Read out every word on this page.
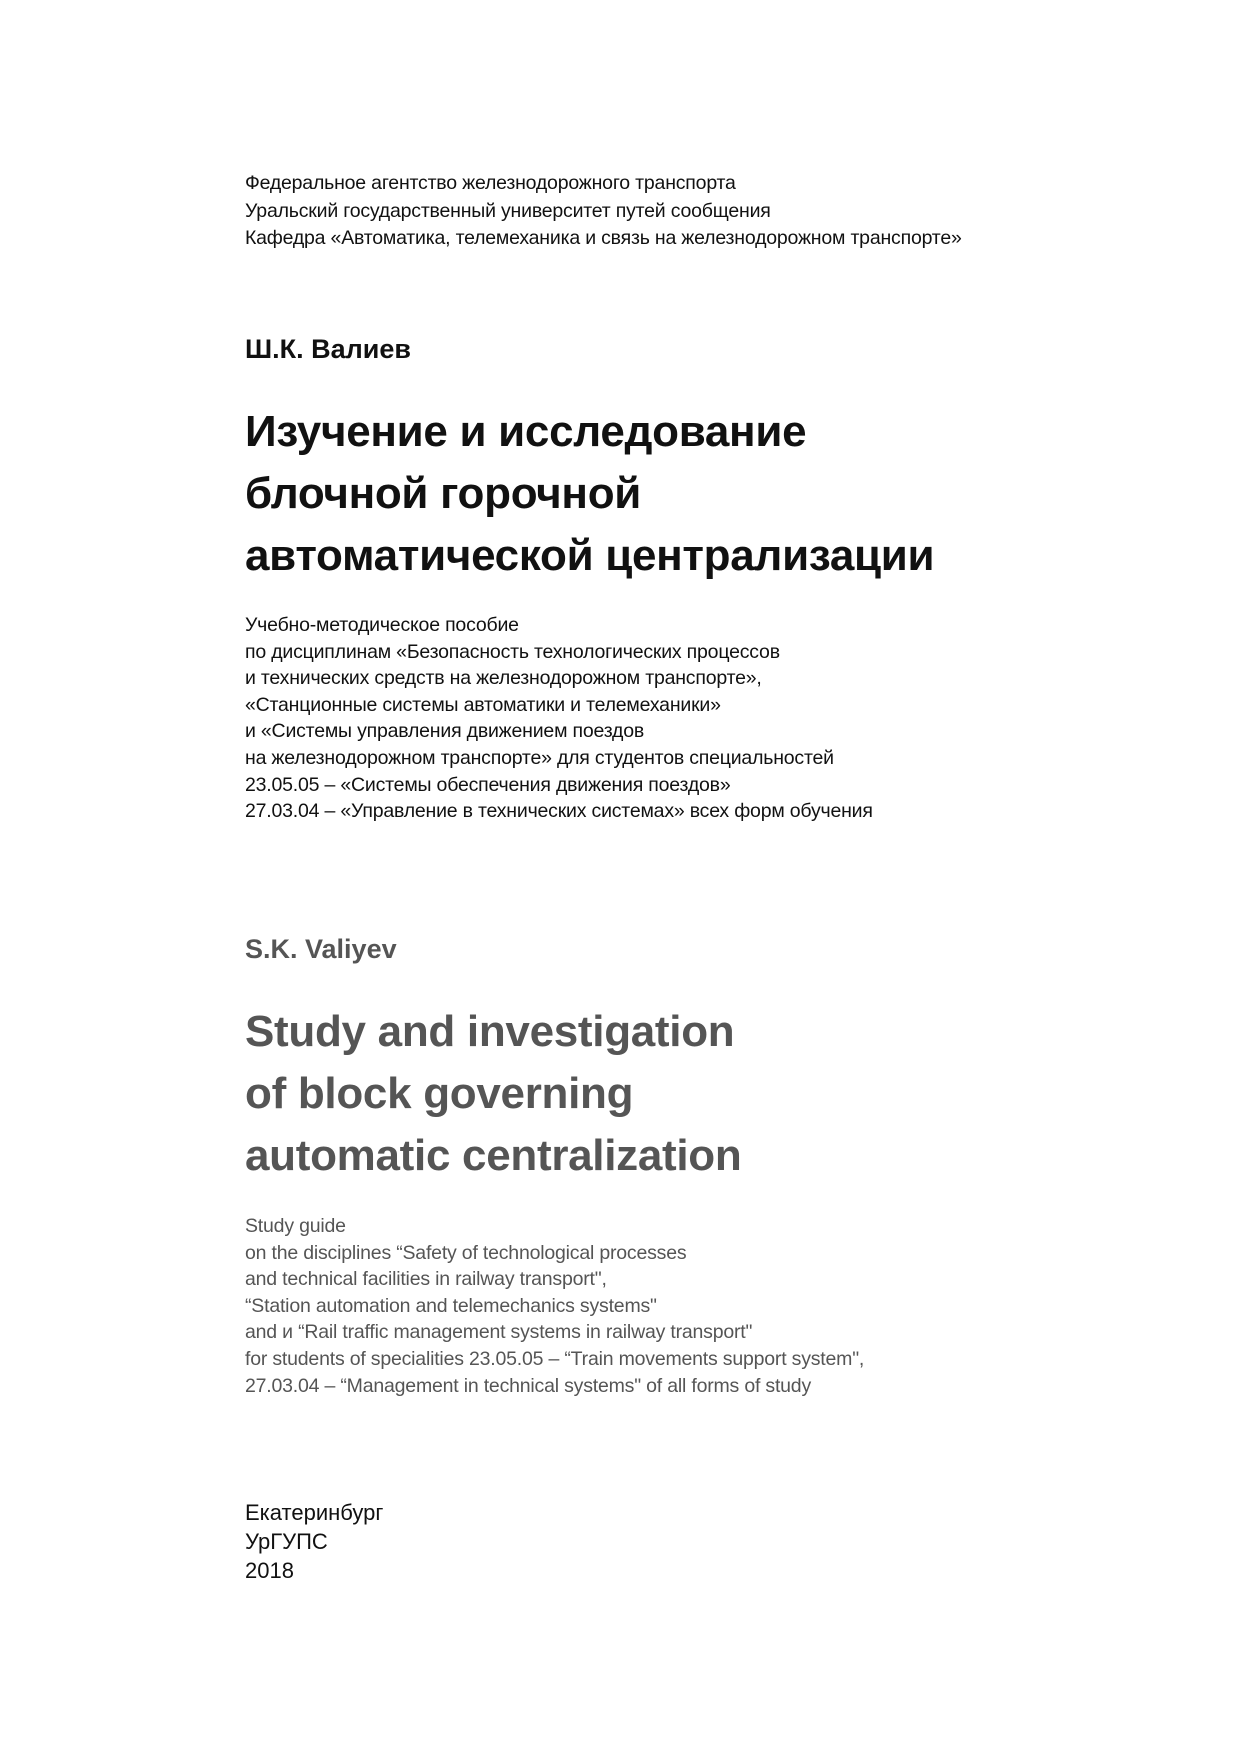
Федеральное агентство железнодорожного транспорта
Уральский государственный университет путей сообщения
Кафедра «Автоматика, телемеханика и связь на железнодорожном транспорте»
Ш.К. Валиев
Изучение и исследование
блочной горочной
автоматической централизации
Учебно-методическое пособие
по дисциплинам «Безопасность технологических процессов
и технических средств на железнодорожном транспорте»,
«Станционные системы автоматики и телемеханики»
и «Системы управления движением поездов
на железнодорожном транспорте» для студентов специальностей
23.05.05 – «Системы обеспечения движения поездов»
27.03.04 – «Управление в технических системах» всех форм обучения
S.K. Valiyev
Study and investigation
of block governing
automatic centralization
Study guide
on the disciplines “Safety of technological processes
and technical facilities in railway transport",
“Station automation and telemechanics systems"
and и “Rail traffic management systems in railway transport"
for students of specialities 23.05.05 – “Train movements support system",
27.03.04 – “Management in technical systems" of all forms of study
Екатеринбург
УрГУПС
2018
